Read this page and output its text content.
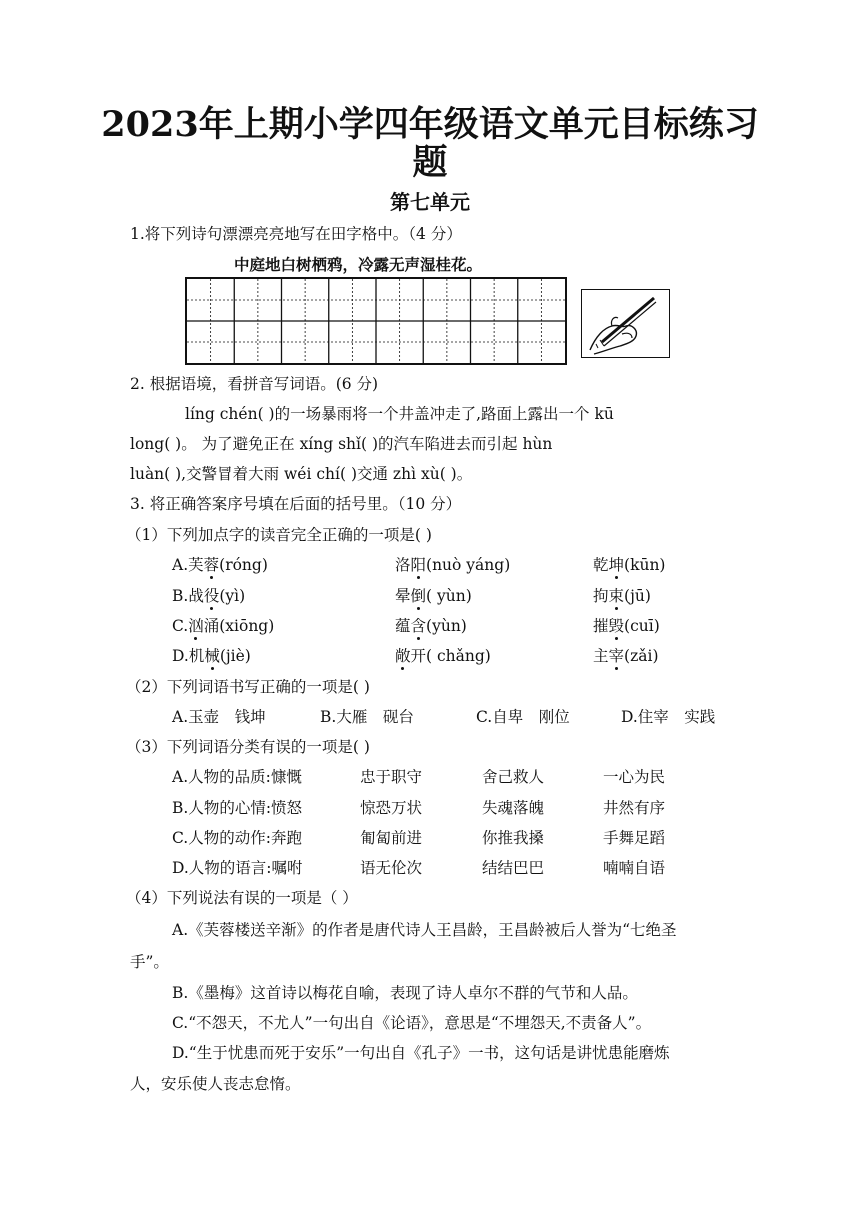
2023年上期小学四年级语文单元目标练习
题
第七单元
1.将下列诗句漂漂亮亮地写在田字格中。（4 分）
中庭地白树栖鸦，冷露无声湿桂花。
2. 根据语境，看拼音写词语。(6 分)
líng chén( )的一场暴雨将一个井盖冲走了,路面上露出一个 kū
long( )。 为了避免正在 xíng shǐ( )的汽车陷进去而引起 hùn
luàn( ),交警冒着大雨 wéi chí( )交通 zhì xù( )。
3. 将正确答案序号填在后面的括号里。（10 分）
（1）下列加点字的读音完全正确的一项是( )
A.芙蓉(róng)	洛阳(nuò yáng)	乾坤(kūn)
B.战役(yì)	晕倒( yùn)	拘束(jū)
C.汹涌(xiōng)	蕴含(yùn)	摧毁(cuī)
D.机械(jiè)	敞开( chǎng)	主宰(zǎi)
（2）下列词语书写正确的一项是( )
A.玉壶　钱坤	B.大雁　砚台	C.自卑　刚位	D.住宰　实践
（3）下列词语分类有误的一项是( )
A.人物的品质:慷慨	忠于职守	舍己救人	一心为民
B.人物的心情:愤怒	惊恐万状	失魂落魄	井然有序
C.人物的动作:奔跑	匍匐前进	你推我搡	手舞足蹈
D.人物的语言:嘱咐	语无伦次	结结巴巴	喃喃自语
（4）下列说法有误的一项是（ ）
A.《芙蓉楼送辛渐》的作者是唐代诗人王昌龄，王昌龄被后人誉为“七绝圣
手”。
B.《墨梅》这首诗以梅花自喻，表现了诗人卓尔不群的气节和人品。
C.“不怨天，不尤人”一句出自《论语》，意思是“不埋怨天,不责备人”。
D.“生于忧患而死于安乐”一句出自《孔子》一书，这句话是讲忧患能磨炼
人，安乐使人丧志怠惰。
